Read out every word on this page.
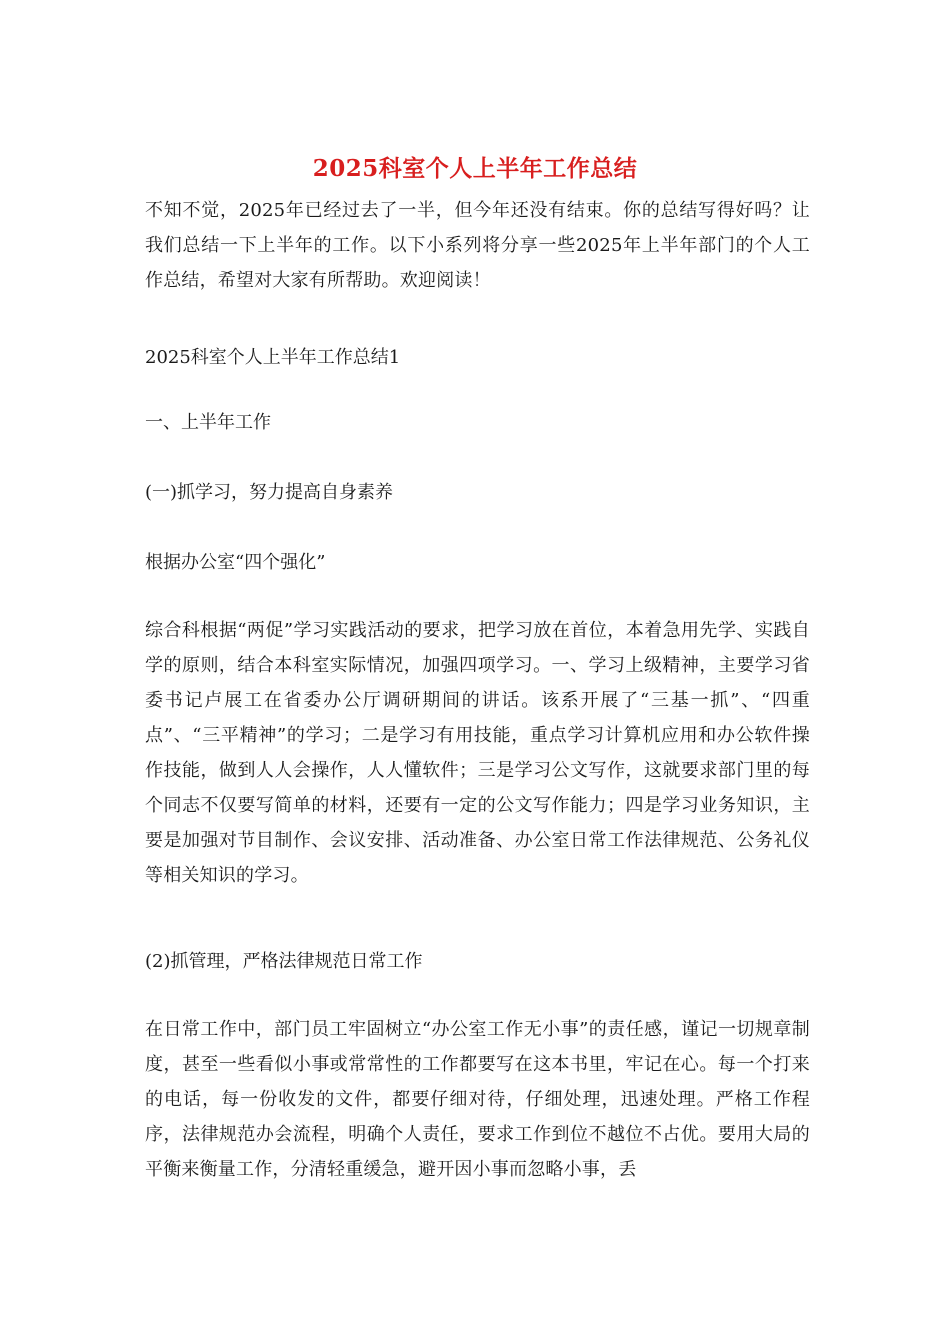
2025科室个人上半年工作总结

不知不觉，2025年已经过去了一半，但今年还没有结束。你的总结写得好吗？让我们总结一下上半年的工作。以下小系列将分享一些2025年上半年部门的个人工作总结，希望对大家有所帮助。欢迎阅读！

2025科室个人上半年工作总结1

一、上半年工作

(一)抓学习，努力提高自身素养

根据办公室“四个强化”

综合科根据“两促”学习实践活动的要求，把学习放在首位，本着急用先学、实践自学的原则，结合本科室实际情况，加强四项学习。一、学习上级精神，主要学习省委书记卢展工在省委办公厅调研期间的讲话。该系开展了“三基一抓”、“四重点”、“三平精神”的学习；二是学习有用技能，重点学习计算机应用和办公软件操作技能，做到人人会操作，人人懂软件；三是学习公文写作，这就要求部门里的每个同志不仅要写简单的材料，还要有一定的公文写作能力；四是学习业务知识，主要是加强对节目制作、会议安排、活动准备、办公室日常工作法律规范、公务礼仪等相关知识的学习。

(2)抓管理，严格法律规范日常工作

在日常工作中，部门员工牢固树立“办公室工作无小事”的责任感，谨记一切规章制度，甚至一些看似小事或常常性的工作都要写在这本书里，牢记在心。每一个打来的电话，每一份收发的文件，都要仔细对待，仔细处理，迅速处理。严格工作程序，法律规范办会流程，明确个人责任，要求工作到位不越位不占优。要用大局的平衡来衡量工作，分清轻重缓急，避开因小事而忽略小事，丢
